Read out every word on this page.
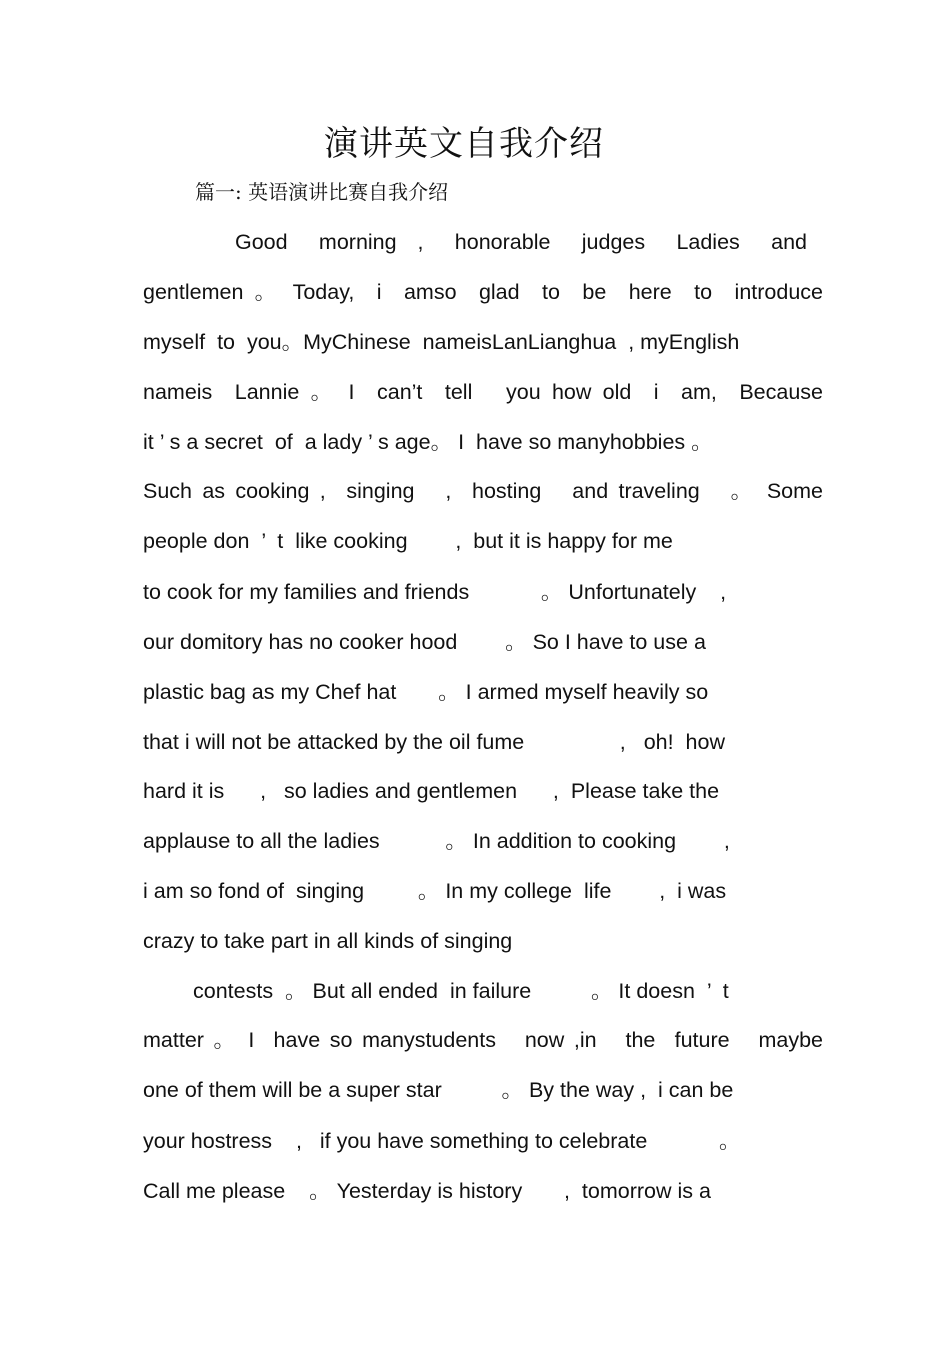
演讲英文自我介绍
篇一: 英语演讲比赛自我介绍
Good   morning  ,   honorable   judges   Ladies   and
gentlemen 。 Today,  i  amso  glad  to  be  here  to  introduce
myself  to  you。MyChinese  nameisLanLianghua  , myEnglish
nameis  Lannie 。 I  can’t  tell   you how old  i  am,  Because
it ’ s a secret  of  a lady ’ s age。 I  have so manyhobbies 。
Such as cooking ,  singing   ,  hosting   and traveling   。 Some
people don  ’  t  like cooking        ,  but it is happy for me
to cook for my families and friends            。 Unfortunately    ,
our domitory has no cooker hood        。 So I have to use a
plastic bag as my Chef hat       。 I armed myself heavily so
that i will not be attacked by the oil fume                ,   oh!  how
hard it is      ,   so ladies and gentlemen      ,  Please take the
applause to all the ladies           。 In addition to cooking        ,
i am so fond of  singing         。 In my college  life        ,  i was
crazy to take part in all kinds of singing
contests  。 But all ended  in failure          。 It doesn  ’  t
matter 。 I  have so manystudents   now ,in   the  future   maybe
one of them will be a super star          。 By the way ,  i can be
your hostress    ,   if you have something to celebrate            。
Call me please    。 Yesterday is history       ,  tomorrow is a
